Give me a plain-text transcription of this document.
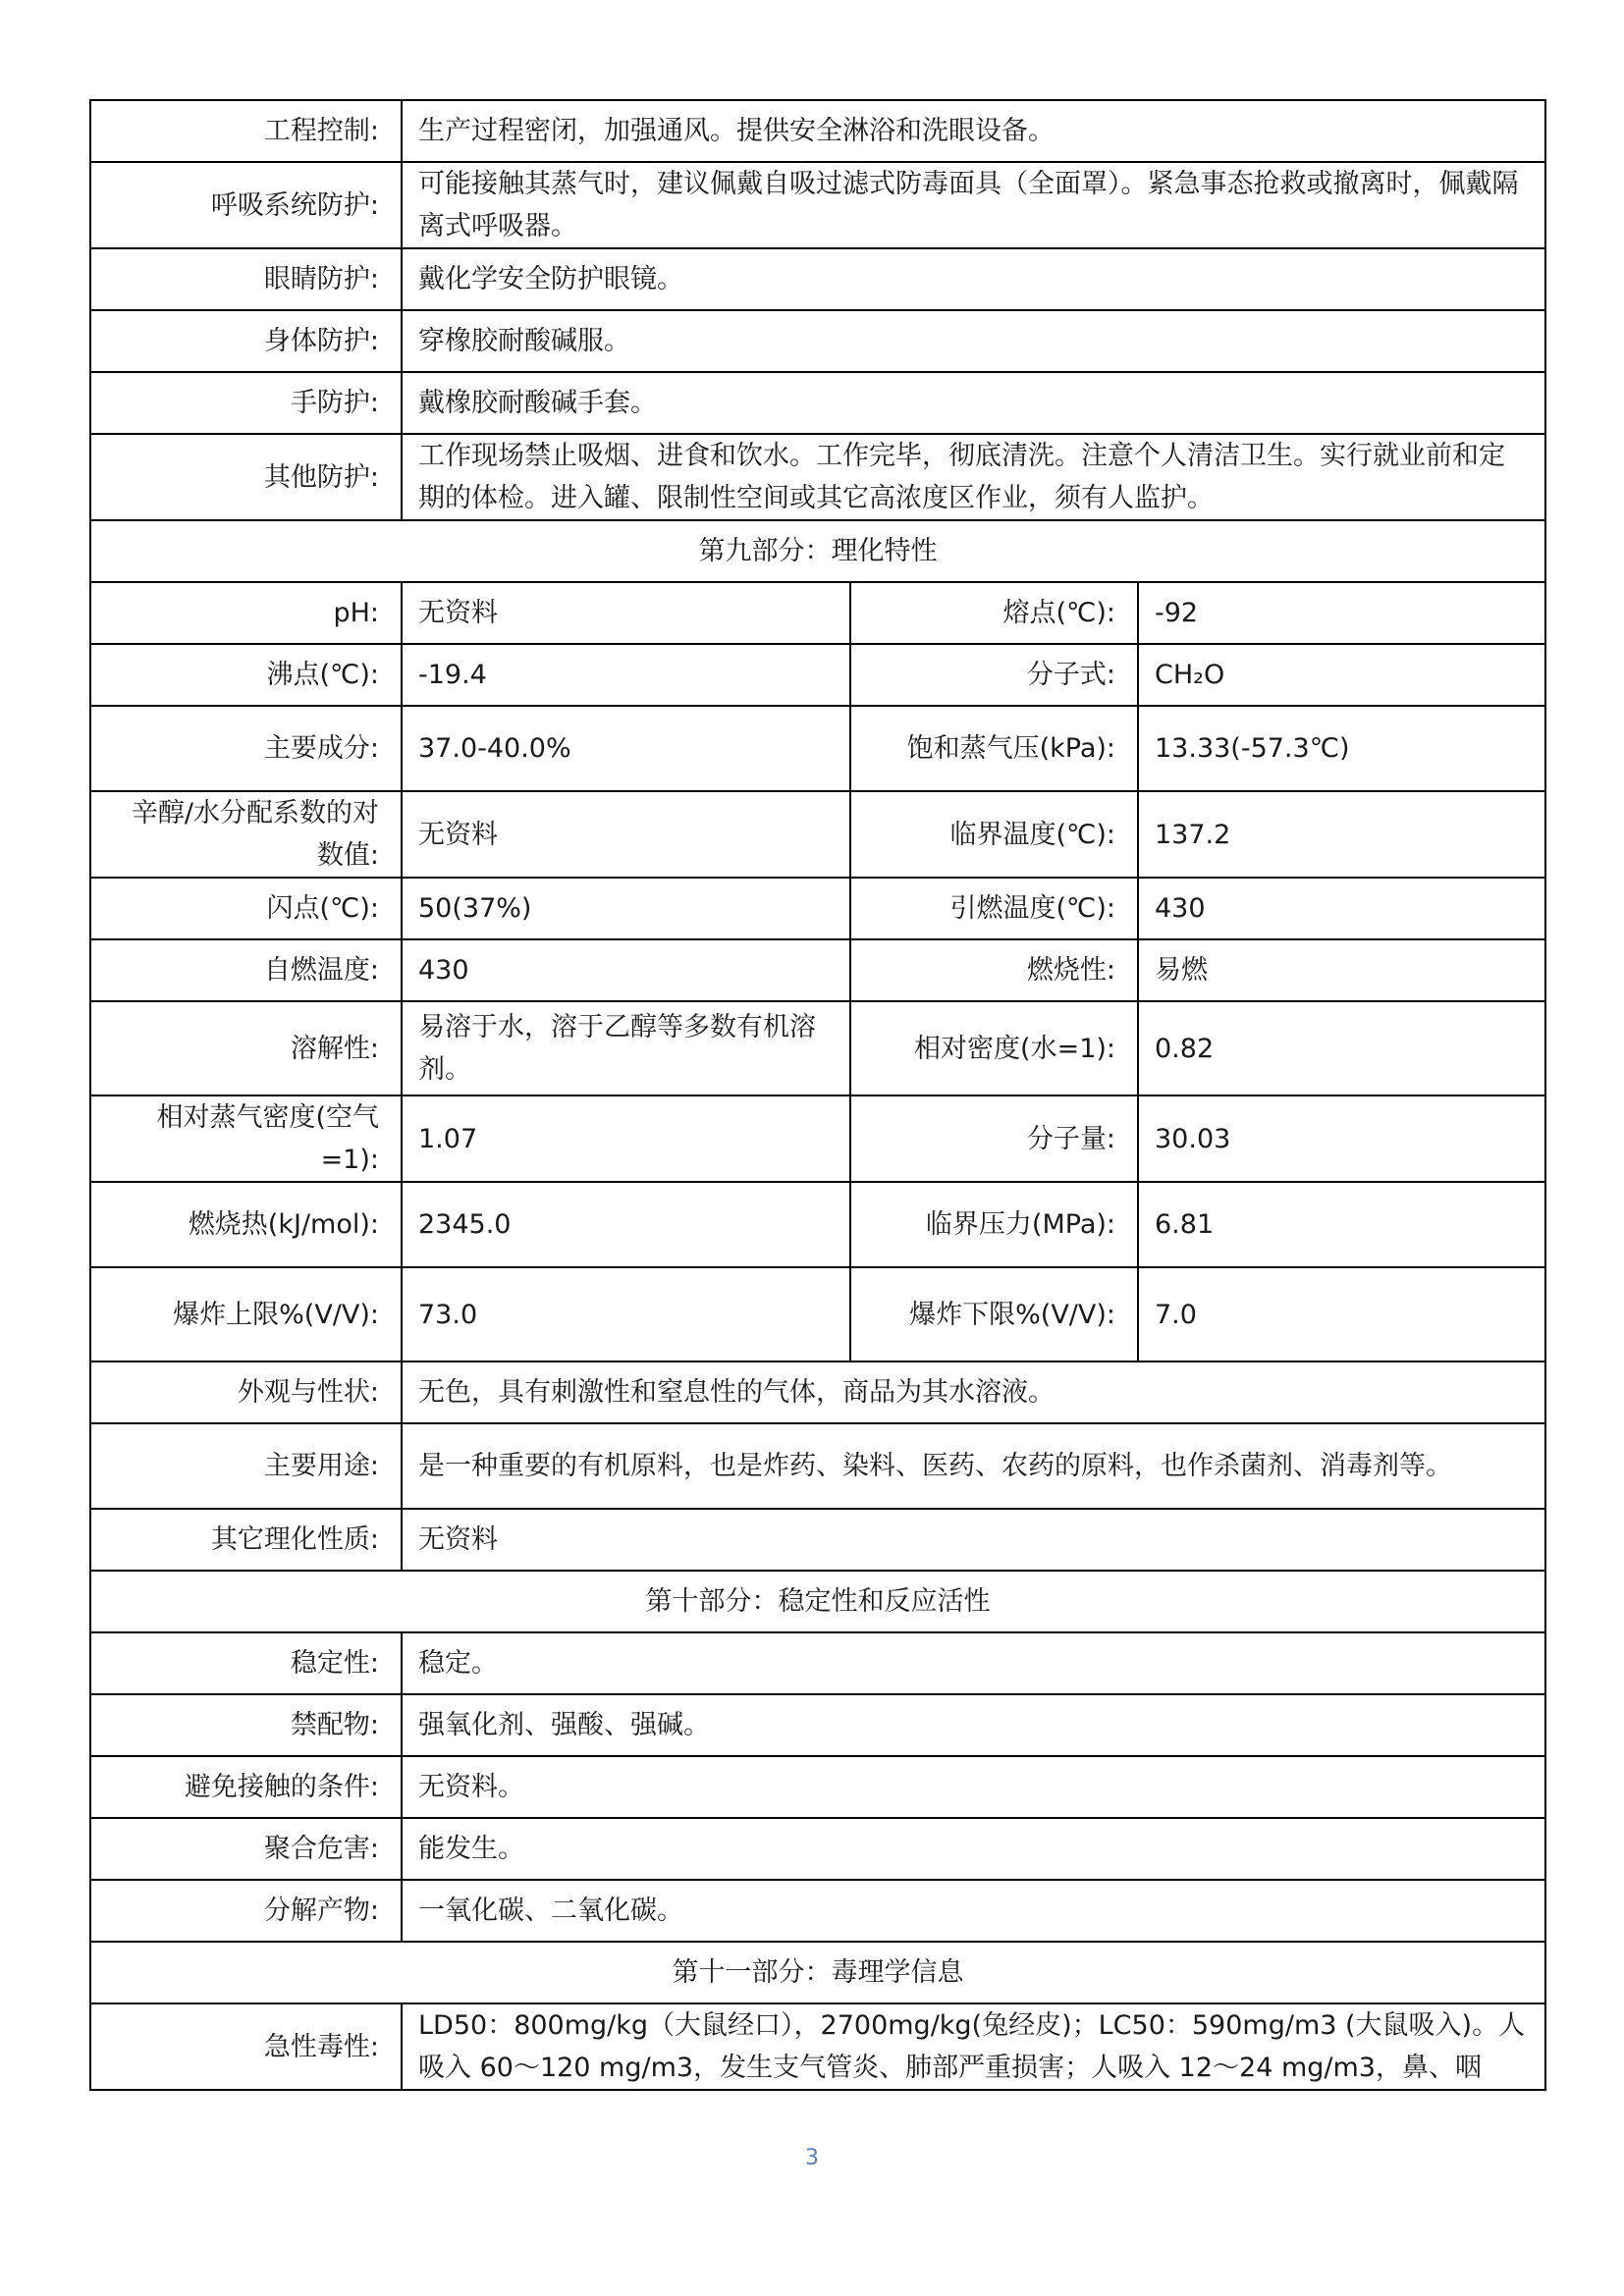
工程控制:	生产过程密闭，加强通风。提供安全淋浴和洗眼设备。		
呼吸系统防护:	可能接触其蒸气时，建议佩戴自吸过滤式防毒面具（全面罩）。紧急事态抢救或撤离时，佩戴隔离式呼吸器。		
眼睛防护:	戴化学安全防护眼镜。		
身体防护:	穿橡胶耐酸碱服。		
手防护:	戴橡胶耐酸碱手套。		
其他防护:	工作现场禁止吸烟、进食和饮水。工作完毕，彻底清洗。注意个人清洁卫生。实行就业前和定期的体检。进入罐、限制性空间或其它高浓度区作业，须有人监护。		
第九部分：理化特性			
pH:	无资料	熔点(℃):	-92
沸点(℃):	-19.4	分子式:	CH₂O
主要成分:	37.0-40.0%	饱和蒸气压(kPa):	13.33(-57.3℃)
辛醇/水分配系数的对数值:	无资料	临界温度(℃):	137.2
闪点(℃):	50(37%)	引燃温度(℃):	430
自燃温度:	430	燃烧性:	易燃
溶解性:	易溶于水，溶于乙醇等多数有机溶剂。	相对密度(水=1):	0.82
相对蒸气密度(空气=1):	1.07	分子量:	30.03
燃烧热(kJ/mol):	2345.0	临界压力(MPa):	6.81
爆炸上限%(V/V):	73.0	爆炸下限%(V/V):	7.0
外观与性状:	无色，具有刺激性和窒息性的气体，商品为其水溶液。		
主要用途:	是一种重要的有机原料，也是炸药、染料、医药、农药的原料，也作杀菌剂、消毒剂等。		
其它理化性质:	无资料		
第十部分：稳定性和反应活性			
稳定性:	稳定。		
禁配物:	强氧化剂、强酸、强碱。		
避免接触的条件:	无资料。		
聚合危害:	能发生。		
分解产物:	一氧化碳、二氧化碳。		
第十一部分：毒理学信息			
急性毒性:	LD50：800mg/kg（大鼠经口），2700mg/kg(兔经皮)；LC50：590mg/m3 (大鼠吸入)。人吸入 60～120 mg/m3，发生支气管炎、肺部严重损害；人吸入 12～24 mg/m3，鼻、咽		
3
